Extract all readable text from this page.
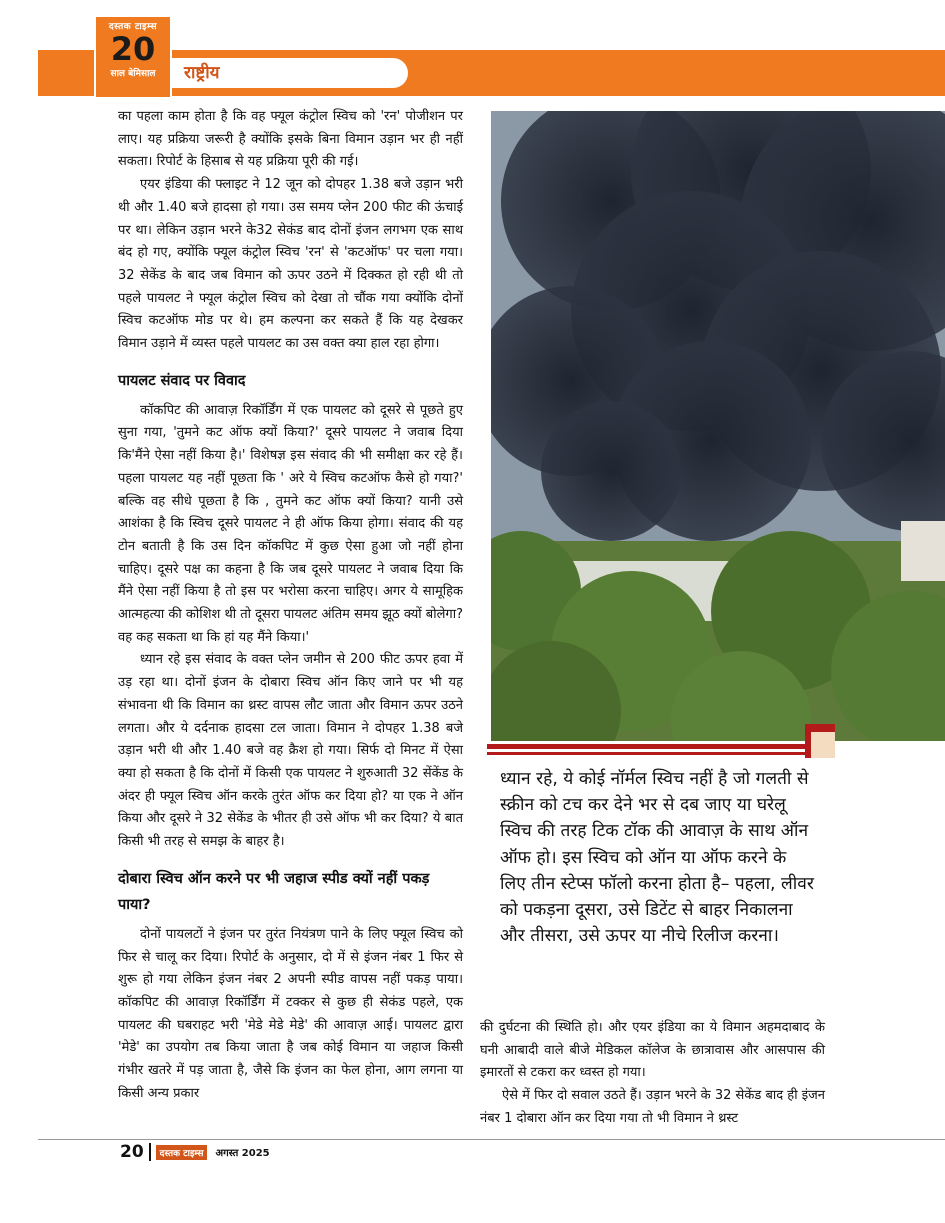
राष्ट्रीय
दस्तक टाइम्स
20
साल बेमिसाल

का पहला काम होता है कि वह फ्यूल कंट्रोल स्विच को 'रन' पोजीशन पर लाए। यह प्रक्रिया जरूरी है क्योंकि इसके बिना विमान उड़ान भर ही नहीं सकता। रिपोर्ट के हिसाब से यह प्रक्रिया पूरी की गई।

एयर इंडिया की फ्लाइट ने 12 जून को दोपहर 1.38 बजे उड़ान भरी थी और 1.40 बजे हादसा हो गया। उस समय प्लेन 200 फीट की ऊंचाई पर था। लेकिन उड़ान भरने के32 सेकंड बाद दोनों इंजन लगभग एक साथ बंद हो गए, क्योंकि फ्यूल कंट्रोल स्विच 'रन' से 'कटऑफ' पर चला गया। 32 सेकेंड के बाद जब विमान को ऊपर उठने में दिक्कत हो रही थी तो पहले पायलट ने फ्यूल कंट्रोल स्विच को देखा तो चौंक गया क्योंकि दोनों स्विच कटऑफ मोड पर थे। हम कल्पना कर सकते हैं कि यह देखकर विमान उड़ाने में व्यस्त पहले पायलट का उस वक्त क्या हाल रहा होगा।

पायलट संवाद पर विवाद

कॉकपिट की आवाज़ रिकॉर्डिंग में एक पायलट को दूसरे से पूछते हुए सुना गया, 'तुमने कट ऑफ क्यों किया?' दूसरे पायलट ने जवाब दिया कि'मैंने ऐसा नहीं किया है।' विशेषज्ञ इस संवाद की भी समीक्षा कर रहे हैं। पहला पायलट यह नहीं पूछता कि ' अरे ये स्विच कटऑफ कैसे हो गया?' बल्कि वह सीधे पूछता है कि , तुमने कट ऑफ क्यों किया? यानी उसे आशंका है कि स्विच दूसरे पायलट ने ही ऑफ किया होगा। संवाद की यह टोन बताती है कि उस दिन कॉकपिट में कुछ ऐसा हुआ जो नहीं होना चाहिए। दूसरे पक्ष का कहना है कि जब दूसरे पायलट ने जवाब दिया कि मैंने ऐसा नहीं किया है तो इस पर भरोसा करना चाहिए। अगर ये सामूहिक आत्महत्या की कोशिश थी तो दूसरा पायलट अंतिम समय झूठ क्यों बोलेगा? वह कह सकता था कि हां यह मैंने किया।'

ध्यान रहे इस संवाद के वक्त प्लेन जमीन से 200 फीट ऊपर हवा में उड़ रहा था। दोनों इंजन के दोबारा स्विच ऑन किए जाने पर भी यह संभावना थी कि विमान का थ्रस्ट वापस लौट जाता और विमान ऊपर उठने लगता। और ये दर्दनाक हादसा टल जाता। विमान ने दोपहर 1.38 बजे उड़ान भरी थी और 1.40 बजे वह क्रैश हो गया। सिर्फ दो मिनट में ऐसा क्या हो सकता है कि दोनों में किसी एक पायलट ने शुरुआती 32 सेंकेंड के अंदर ही फ्यूल स्विच ऑन करके तुरंत ऑफ कर दिया हो? या एक ने ऑन किया और दूसरे ने 32 सेकेंड के भीतर ही उसे ऑफ भी कर दिया? ये बात किसी भी तरह से समझ के बाहर है।

दोबारा स्विच ऑन करने पर भी जहाज स्पीड क्यों नहीं पकड़ पाया?

दोनों पायलटों ने इंजन पर तुरंत नियंत्रण पाने के लिए फ्यूल स्विच को फिर से चालू कर दिया। रिपोर्ट के अनुसार, दो में से इंजन नंबर 1 फिर से शुरू हो गया लेकिन इंजन नंबर 2 अपनी स्पीड वापस नहीं पकड़ पाया। कॉकपिट की आवाज़ रिकॉर्डिंग में टक्कर से कुछ ही सेकंड पहले, एक पायलट की घबराहट भरी 'मेडे मेडे मेडे' की आवाज़ आई। पायलट द्वारा 'मेडे' का उपयोग तब किया जाता है जब कोई विमान या जहाज किसी गंभीर खतरे में पड़ जाता है, जैसे कि इंजन का फेल होना, आग लगना या किसी अन्य प्रकार

ध्यान रहे, ये कोई नॉर्मल स्विच नहीं है जो गलती से स्क्रीन को टच कर देने भर से दब जाए या घरेलू स्विच की तरह टिक टॉक की आवाज़ के साथ ऑन ऑफ हो। इस स्विच को ऑन या ऑफ करने के लिए तीन स्टेप्स फॉलो करना होता है– पहला, लीवर को पकड़ना दूसरा, उसे डिटेंट से बाहर निकालना और तीसरा, उसे ऊपर या नीचे रिलीज करना।

की दुर्घटना की स्थिति हो। और एयर इंडिया का ये विमान अहमदाबाद के घनी आबादी वाले बीजे मेडिकल कॉलेज के छात्रावास और आसपास की इमारतों से टकरा कर ध्वस्त हो गया।

ऐसे में फिर दो सवाल उठते हैं। उड़ान भरने के 32 सेकेंड बाद ही इंजन नंबर 1 दोबारा ऑन कर दिया गया तो भी विमान ने थ्रस्ट

20	दस्तक टाइम्स	अगस्त 2025
